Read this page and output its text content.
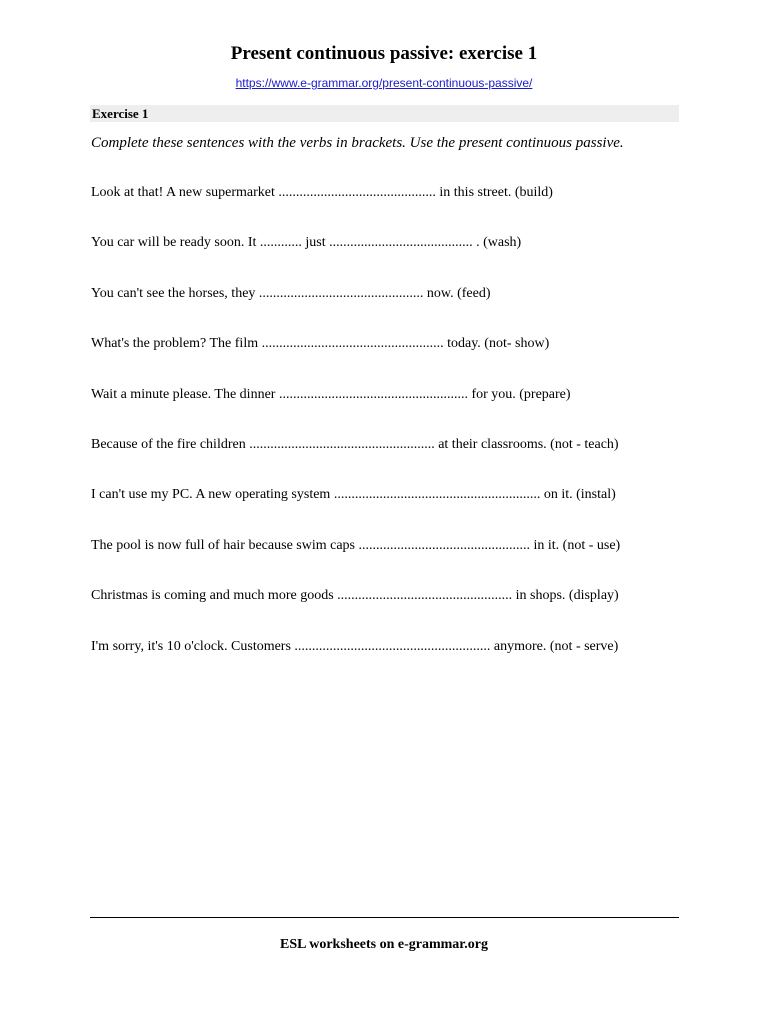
Present continuous passive: exercise 1
https://www.e-grammar.org/present-continuous-passive/
Exercise 1
Complete these sentences with the verbs in brackets. Use the present continuous passive.
Look at that! A new supermarket ............................................. in this street. (build)
You car will be ready soon. It ............ just ......................................... . (wash)
You can't see the horses, they ............................................... now. (feed)
What's the problem? The film .................................................... today. (not- show)
Wait a minute please. The dinner ...................................................... for you. (prepare)
Because of the fire children ..................................................... at their classrooms. (not - teach)
I can't use my PC. A new operating system ........................................................... on it. (instal)
The pool is now full of hair because swim caps ................................................. in it. (not - use)
Christmas is coming and much more goods .................................................. in shops. (display)
I'm sorry, it's 10 o'clock. Customers ........................................................ anymore. (not - serve)
ESL worksheets on e-grammar.org
